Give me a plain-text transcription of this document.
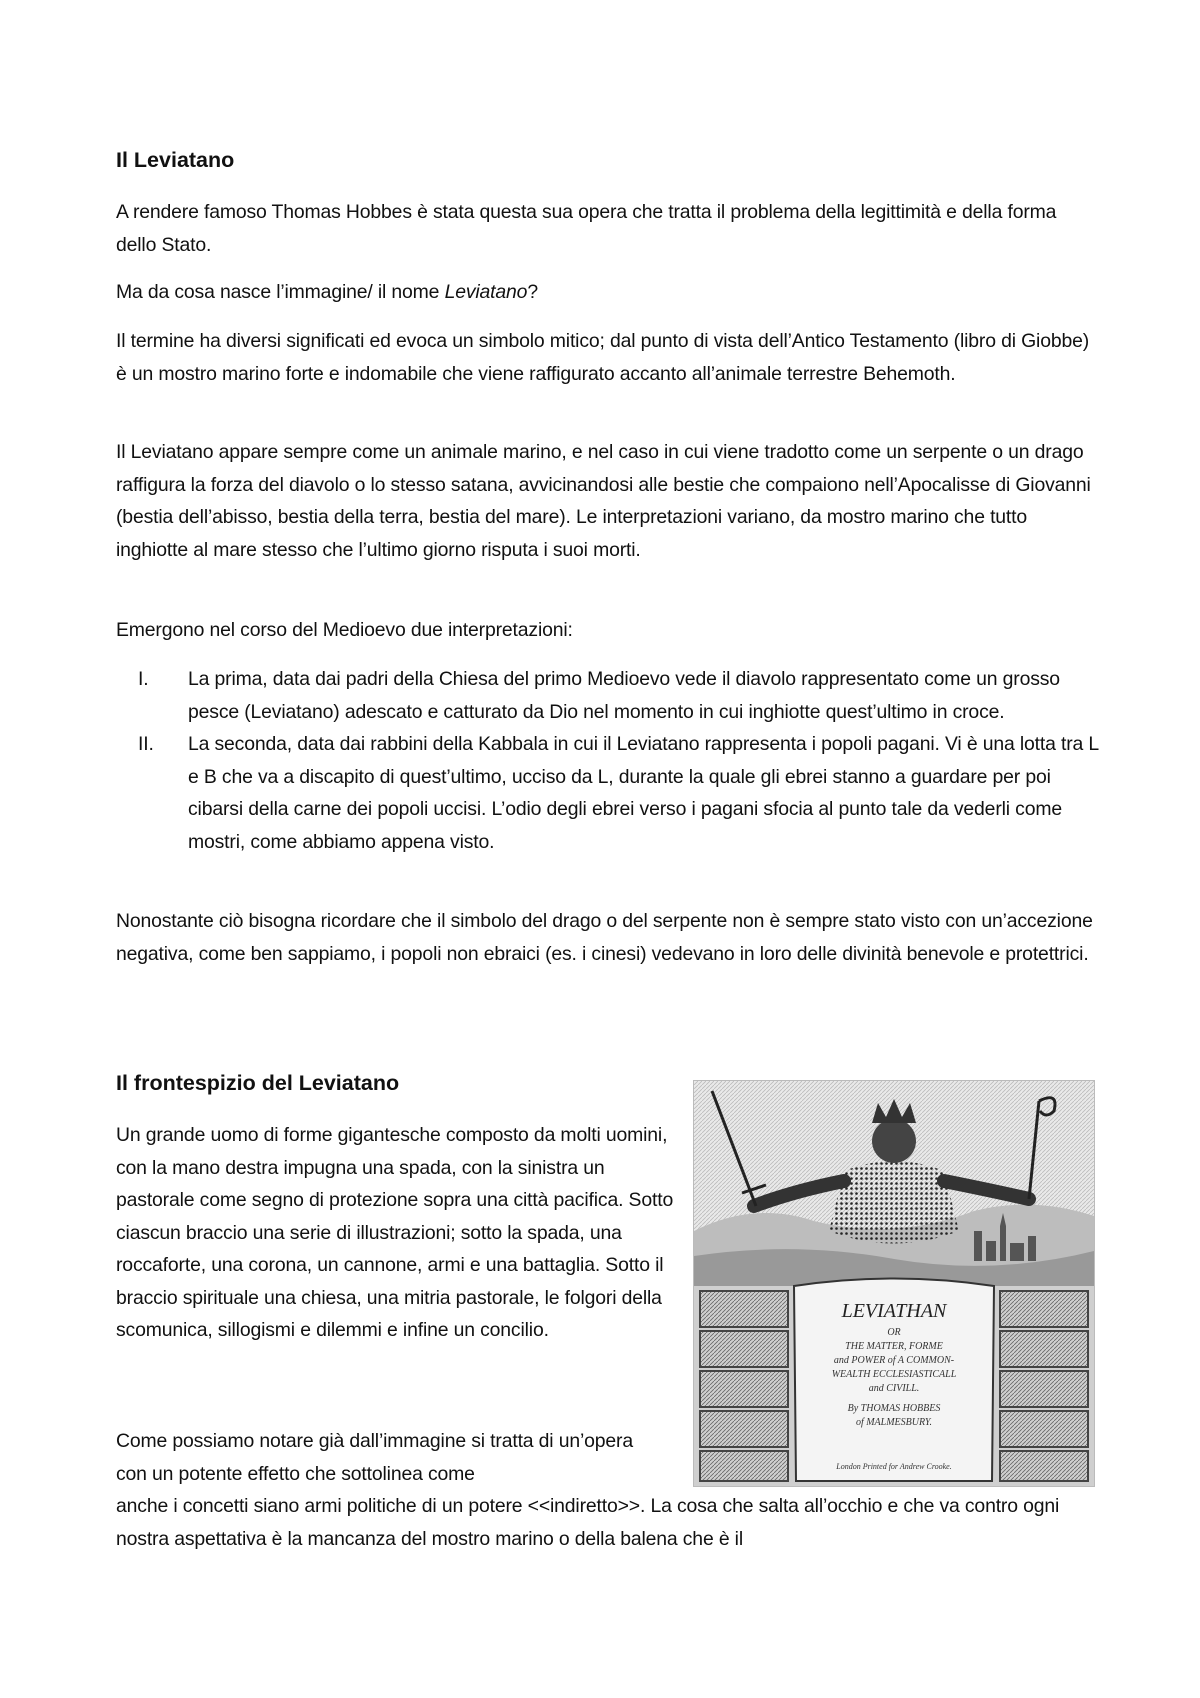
Il Leviatano

A rendere famoso Thomas Hobbes è stata questa sua opera che tratta il problema della legittimità e della forma dello Stato.

Ma da cosa nasce l’immagine/ il nome Leviatano?

Il termine ha diversi significati ed evoca un simbolo mitico; dal punto di vista dell’Antico Testamento (libro di Giobbe) è un mostro marino forte e indomabile che viene raffigurato accanto all’animale terrestre Behemoth.

Il Leviatano appare sempre come un animale marino, e nel caso in cui viene tradotto come un serpente o un drago raffigura la forza del diavolo o lo stesso satana, avvicinandosi alle bestie che compaiono nell’Apocalisse di Giovanni (bestia dell’abisso, bestia della terra, bestia del mare). Le interpretazioni variano, da mostro marino che tutto inghiotte al mare stesso che l’ultimo giorno risputa i suoi morti.

Emergono nel corso del Medioevo due interpretazioni:

I. La prima, data dai padri della Chiesa del primo Medioevo vede il diavolo rappresentato come un grosso pesce (Leviatano) adescato e catturato da Dio nel momento in cui inghiotte quest’ultimo in croce.
II. La seconda, data dai rabbini della Kabbala in cui il Leviatano rappresenta i popoli pagani. Vi è una lotta tra L e B che va a discapito di quest’ultimo, ucciso da L, durante la quale gli ebrei stanno a guardare per poi cibarsi della carne dei popoli uccisi. L’odio degli ebrei verso i pagani sfocia al punto tale da vederli come mostri, come abbiamo appena visto.

Nonostante ciò bisogna ricordare che il simbolo del drago o del serpente non è sempre stato visto con un’accezione negativa, come ben sappiamo, i popoli non ebraici (es. i cinesi) vedevano in loro delle divinità benevole e protettrici.

Il frontespizio del Leviatano

Un grande uomo di forme gigantesche composto da molti uomini, con la mano destra impugna una spada, con la sinistra un pastorale come segno di protezione sopra una città pacifica. Sotto ciascun braccio una serie di illustrazioni; sotto la spada, una roccaforte, una corona, un cannone, armi e una battaglia. Sotto il braccio spirituale una chiesa, una mitria pastorale, le folgori della scomunica, sillogismi e dilemmi e infine un concilio.

Come possiamo notare già dall’immagine si tratta di un’opera con un potente effetto che sottolinea come

anche i concetti siano armi politiche di un potere <<indiretto>>. La cosa che salta all’occhio e che va contro ogni nostra aspettativa è la mancanza del mostro marino o della balena che è il

LEVIATHAN
OR
THE MATTER, FORME
and POWER of A COMMON-
WEALTH ECCLESIASTICALL
and CIVILL.
By THOMAS HOBBES
of MALMESBURY.
London Printed for Andrew Crooke.
